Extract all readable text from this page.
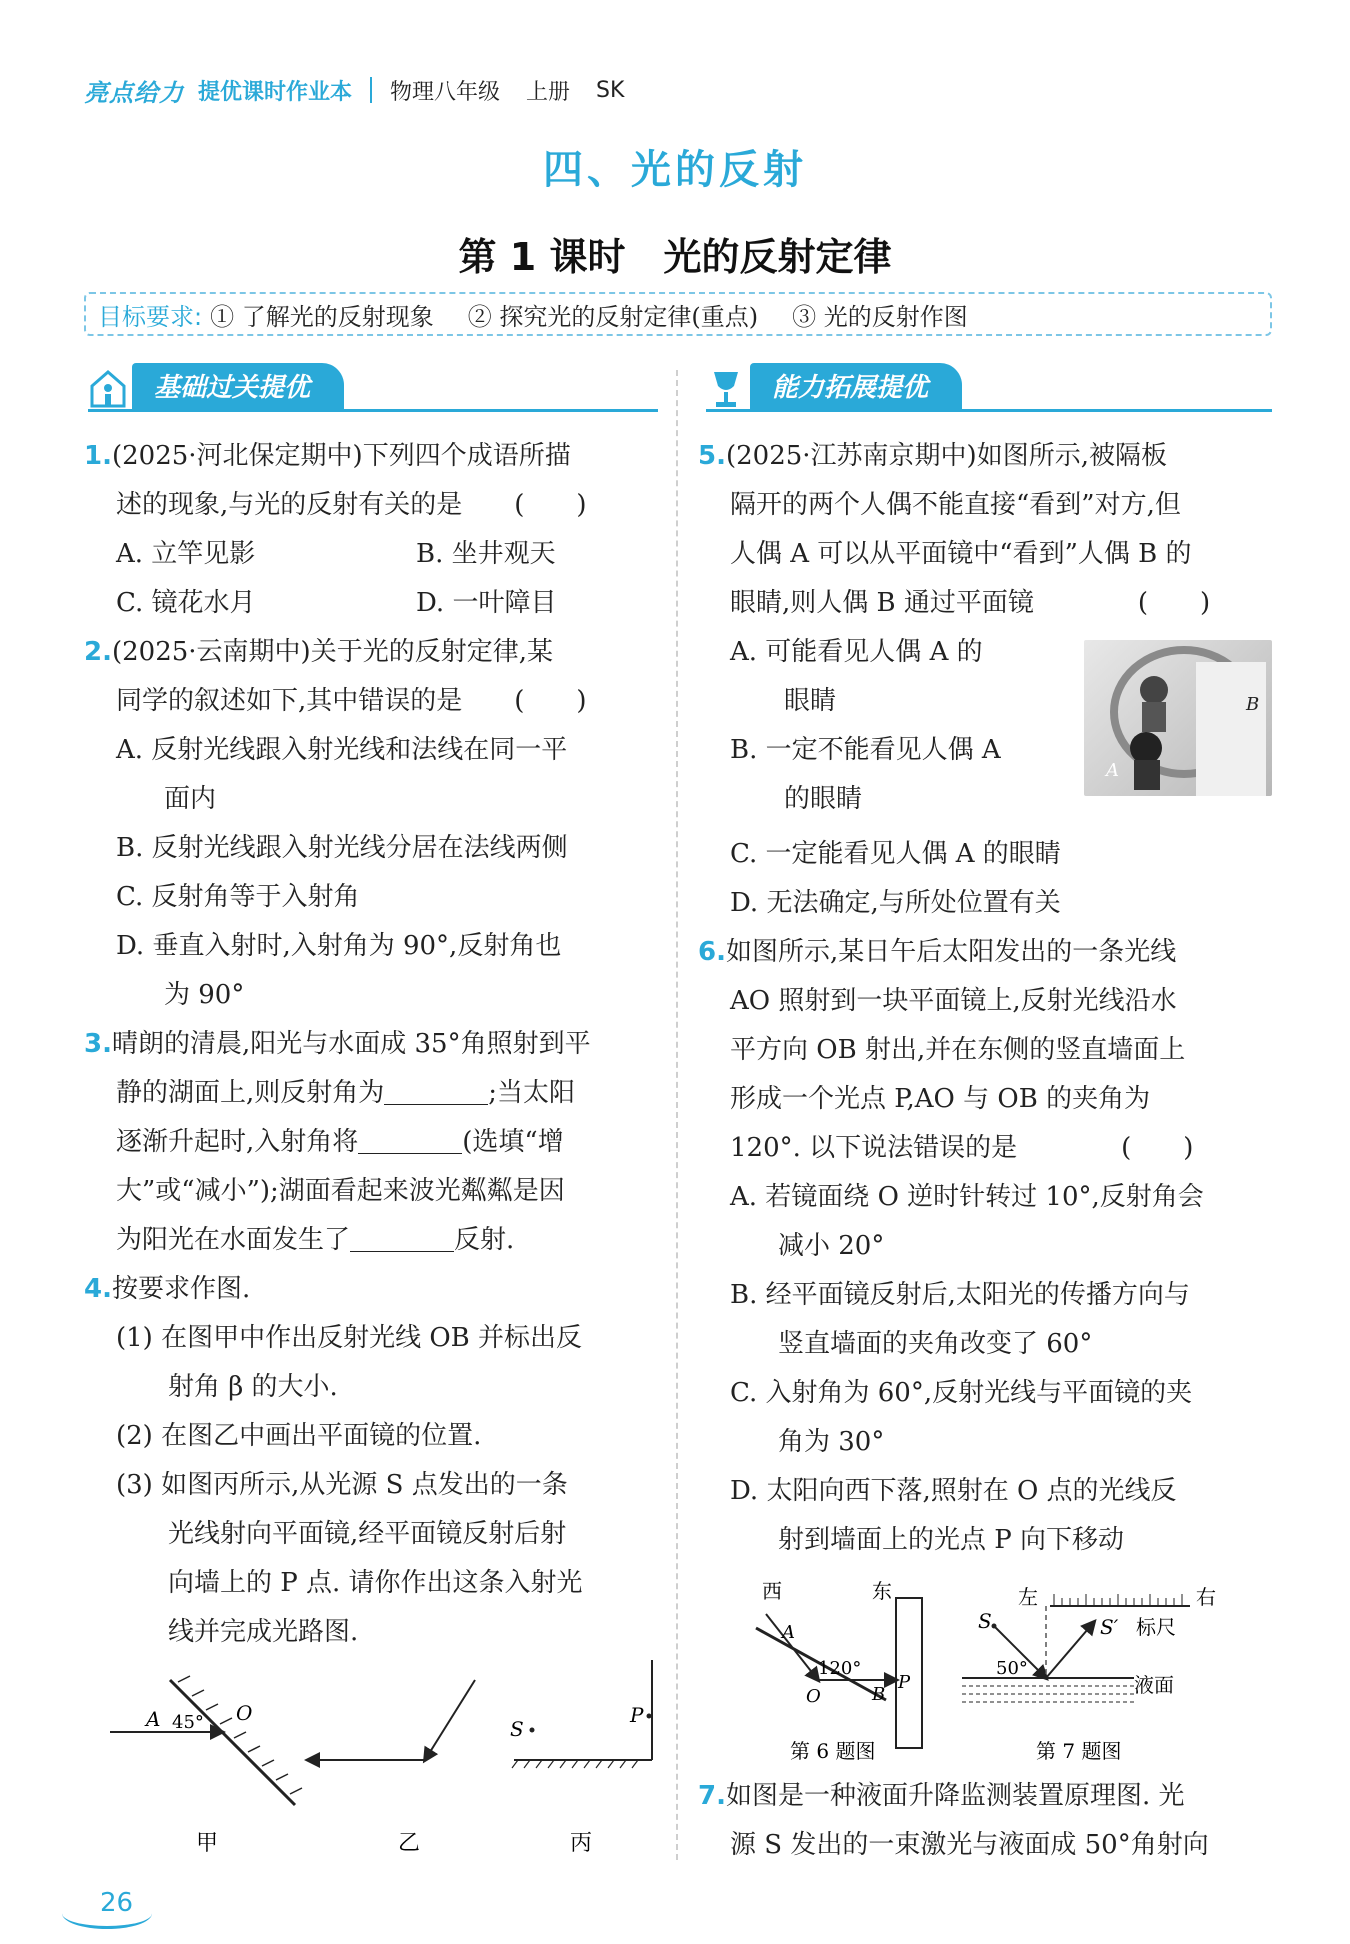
亮点给力 提优课时作业本 物理八年级 上册 SK
四、光的反射
第 1 课时　光的反射定律
目标要求: ① 了解光的反射现象 ② 探究光的反射定律(重点) ③ 光的反射作图
基础过关提优	能力拓展提优
1.(2025·河北保定期中)下列四个成语所描
述的现象,与光的反射有关的是　　(　　)
A. 立竿见影	B. 坐井观天
C. 镜花水月	D. 一叶障目
2.(2025·云南期中)关于光的反射定律,某
同学的叙述如下,其中错误的是　　(　　)
A. 反射光线跟入射光线和法线在同一平
面内
B. 反射光线跟入射光线分居在法线两侧
C. 反射角等于入射角
D. 垂直入射时,入射角为 90°,反射角也
为 90°
3.晴朗的清晨,阳光与水面成 35°角照射到平
静的湖面上,则反射角为	;当太阳
逐渐升起时,入射角将	(选填“增
大”或“减小”);湖面看起来波光粼粼是因
为阳光在水面发生了	反射.
4.按要求作图.
(1) 在图甲中作出反射光线 OB 并标出反
射角 β 的大小.
(2) 在图乙中画出平面镜的位置.
(3) 如图丙所示,从光源 S 点发出的一条
光线射向平面镜,经平面镜反射后射
向墙上的 P 点. 请你作出这条入射光
线并完成光路图.
A 45° O
甲	乙
S
P
丙
5.(2025·江苏南京期中)如图所示,被隔板
隔开的两个人偶不能直接“看到”对方,但
人偶 A 可以从平面镜中“看到”人偶 B 的
眼睛,则人偶 B 通过平面镜　　　　(　　)
A. 可能看见人偶 A 的
眼睛
B. 一定不能看见人偶 A
的眼睛
C. 一定能看见人偶 A 的眼睛
D. 无法确定,与所处位置有关
B
A
6.如图所示,某日午后太阳发出的一条光线
AO 照射到一块平面镜上,反射光线沿水
平方向 OB 射出,并在东侧的竖直墙面上
形成一个光点 P,AO 与 OB 的夹角为
120°. 以下说法错误的是　　　　(　　)
A. 若镜面绕 O 逆时针转过 10°,反射角会
减小 20°
B. 经平面镜反射后,太阳光的传播方向与
竖直墙面的夹角改变了 60°
C. 入射角为 60°,反射光线与平面镜的夹
角为 30°
D. 太阳向西下落,照射在 O 点的光线反
射到墙面上的光点 P 向下移动
西	东
A
120°
O	B
P
第 6 题图
左	右
S	S′ 标尺
50°
液面
第 7 题图
7.如图是一种液面升降监测装置原理图. 光
源 S 发出的一束激光与液面成 50°角射向
26
